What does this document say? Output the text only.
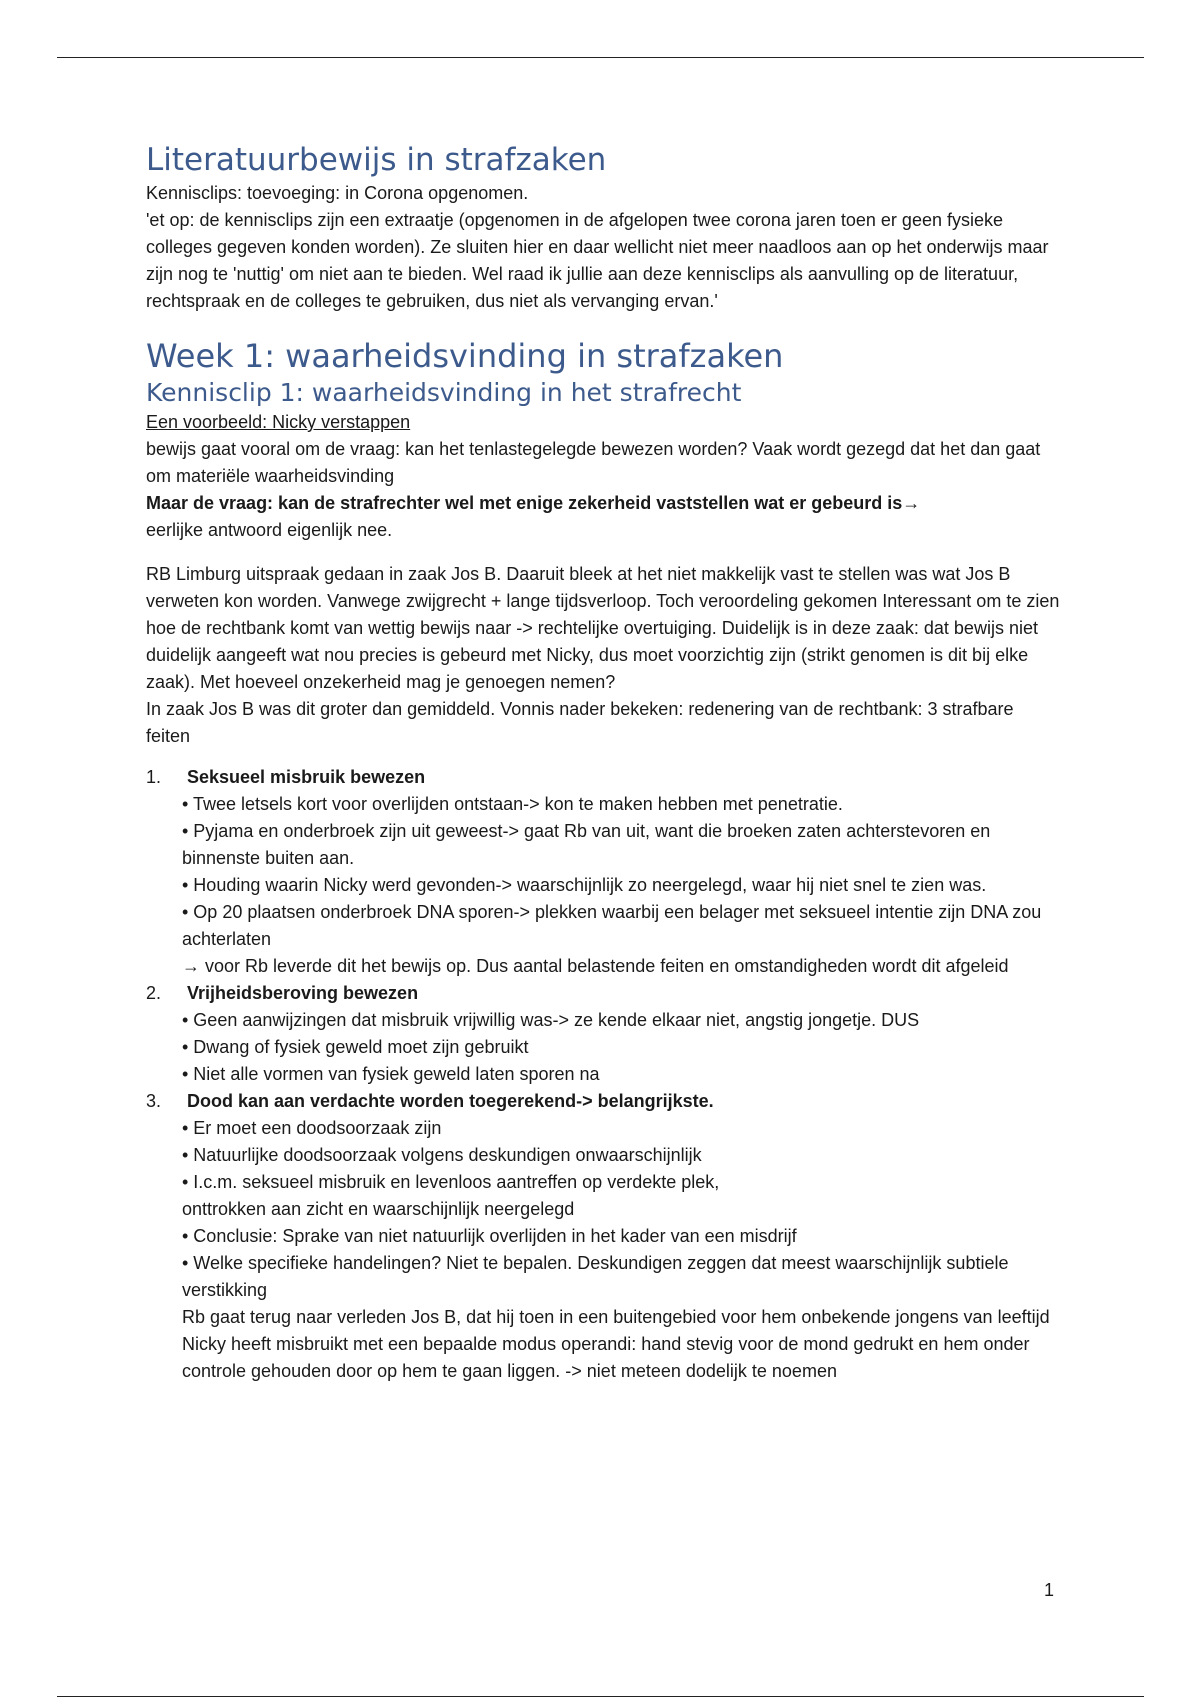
Literatuurbewijs in strafzaken

Kennisclips: toevoeging: in Corona opgenomen.

'et op: de kennisclips zijn een extraatje (opgenomen in de afgelopen twee corona jaren toen er geen fysieke colleges gegeven konden worden). Ze sluiten hier en daar wellicht niet meer naadloos aan op het onderwijs maar zijn nog te 'nuttig' om niet aan te bieden. Wel raad ik jullie aan deze kennisclips als aanvulling op de literatuur, rechtspraak en de colleges te gebruiken, dus niet als vervanging ervan.'

Week 1: waarheidsvinding in strafzaken
Kennisclip 1: waarheidsvinding in het strafrecht

Een voorbeeld: Nicky verstappen

bewijs gaat vooral om de vraag: kan het tenlastegelegde bewezen worden? Vaak wordt gezegd dat het dan gaat om materiële waarheidsvinding

Maar de vraag: kan de strafrechter wel met enige zekerheid vaststellen wat er gebeurd is→
eerlijke antwoord eigenlijk nee.

RB Limburg uitspraak gedaan in zaak Jos B. Daaruit bleek at het niet makkelijk vast te stellen was wat Jos B verweten kon worden. Vanwege zwijgrecht + lange tijdsverloop. Toch veroordeling gekomen Interessant om te zien hoe de rechtbank komt van wettig bewijs naar -> rechtelijke overtuiging. Duidelijk is in deze zaak: dat bewijs niet duidelijk aangeeft wat nou precies is gebeurd met Nicky, dus moet voorzichtig zijn (strikt genomen is dit bij elke zaak). Met hoeveel onzekerheid mag je genoegen nemen?

In zaak Jos B was dit groter dan gemiddeld. Vonnis nader bekeken: redenering van de rechtbank: 3 strafbare feiten

1.	Seksueel misbruik bewezen

• Twee letsels kort voor overlijden ontstaan-> kon te maken hebben met penetratie.

• Pyjama en onderbroek zijn uit geweest-> gaat Rb van uit, want die broeken zaten achterstevoren en binnenste buiten aan.

• Houding waarin Nicky werd gevonden-> waarschijnlijk zo neergelegd, waar hij niet snel te zien was.

• Op 20 plaatsen onderbroek DNA sporen-> plekken waarbij een belager met seksueel intentie zijn DNA zou achterlaten

→ voor Rb leverde dit het bewijs op. Dus aantal belastende feiten en omstandigheden wordt dit afgeleid

2.	Vrijheidsberoving bewezen

• Geen aanwijzingen dat misbruik vrijwillig was-> ze kende elkaar niet, angstig jongetje. DUS

• Dwang of fysiek geweld moet zijn gebruikt

• Niet alle vormen van fysiek geweld laten sporen na

3.	Dood kan aan verdachte worden toegerekend-> belangrijkste.

• Er moet een doodsoorzaak zijn

• Natuurlijke doodsoorzaak volgens deskundigen onwaarschijnlijk

• I.c.m. seksueel misbruik en levenloos aantreffen op verdekte plek,

onttrokken aan zicht en waarschijnlijk neergelegd

• Conclusie: Sprake van niet natuurlijk overlijden in het kader van een misdrijf

• Welke specifieke handelingen? Niet te bepalen. Deskundigen zeggen dat meest waarschijnlijk subtiele verstikking

Rb gaat terug naar verleden Jos B, dat hij toen in een buitengebied voor hem onbekende jongens van leeftijd Nicky heeft misbruikt met een bepaalde modus operandi: hand stevig voor de mond gedrukt en hem onder controle gehouden door op hem te gaan liggen. -> niet meteen dodelijk te noemen

1
